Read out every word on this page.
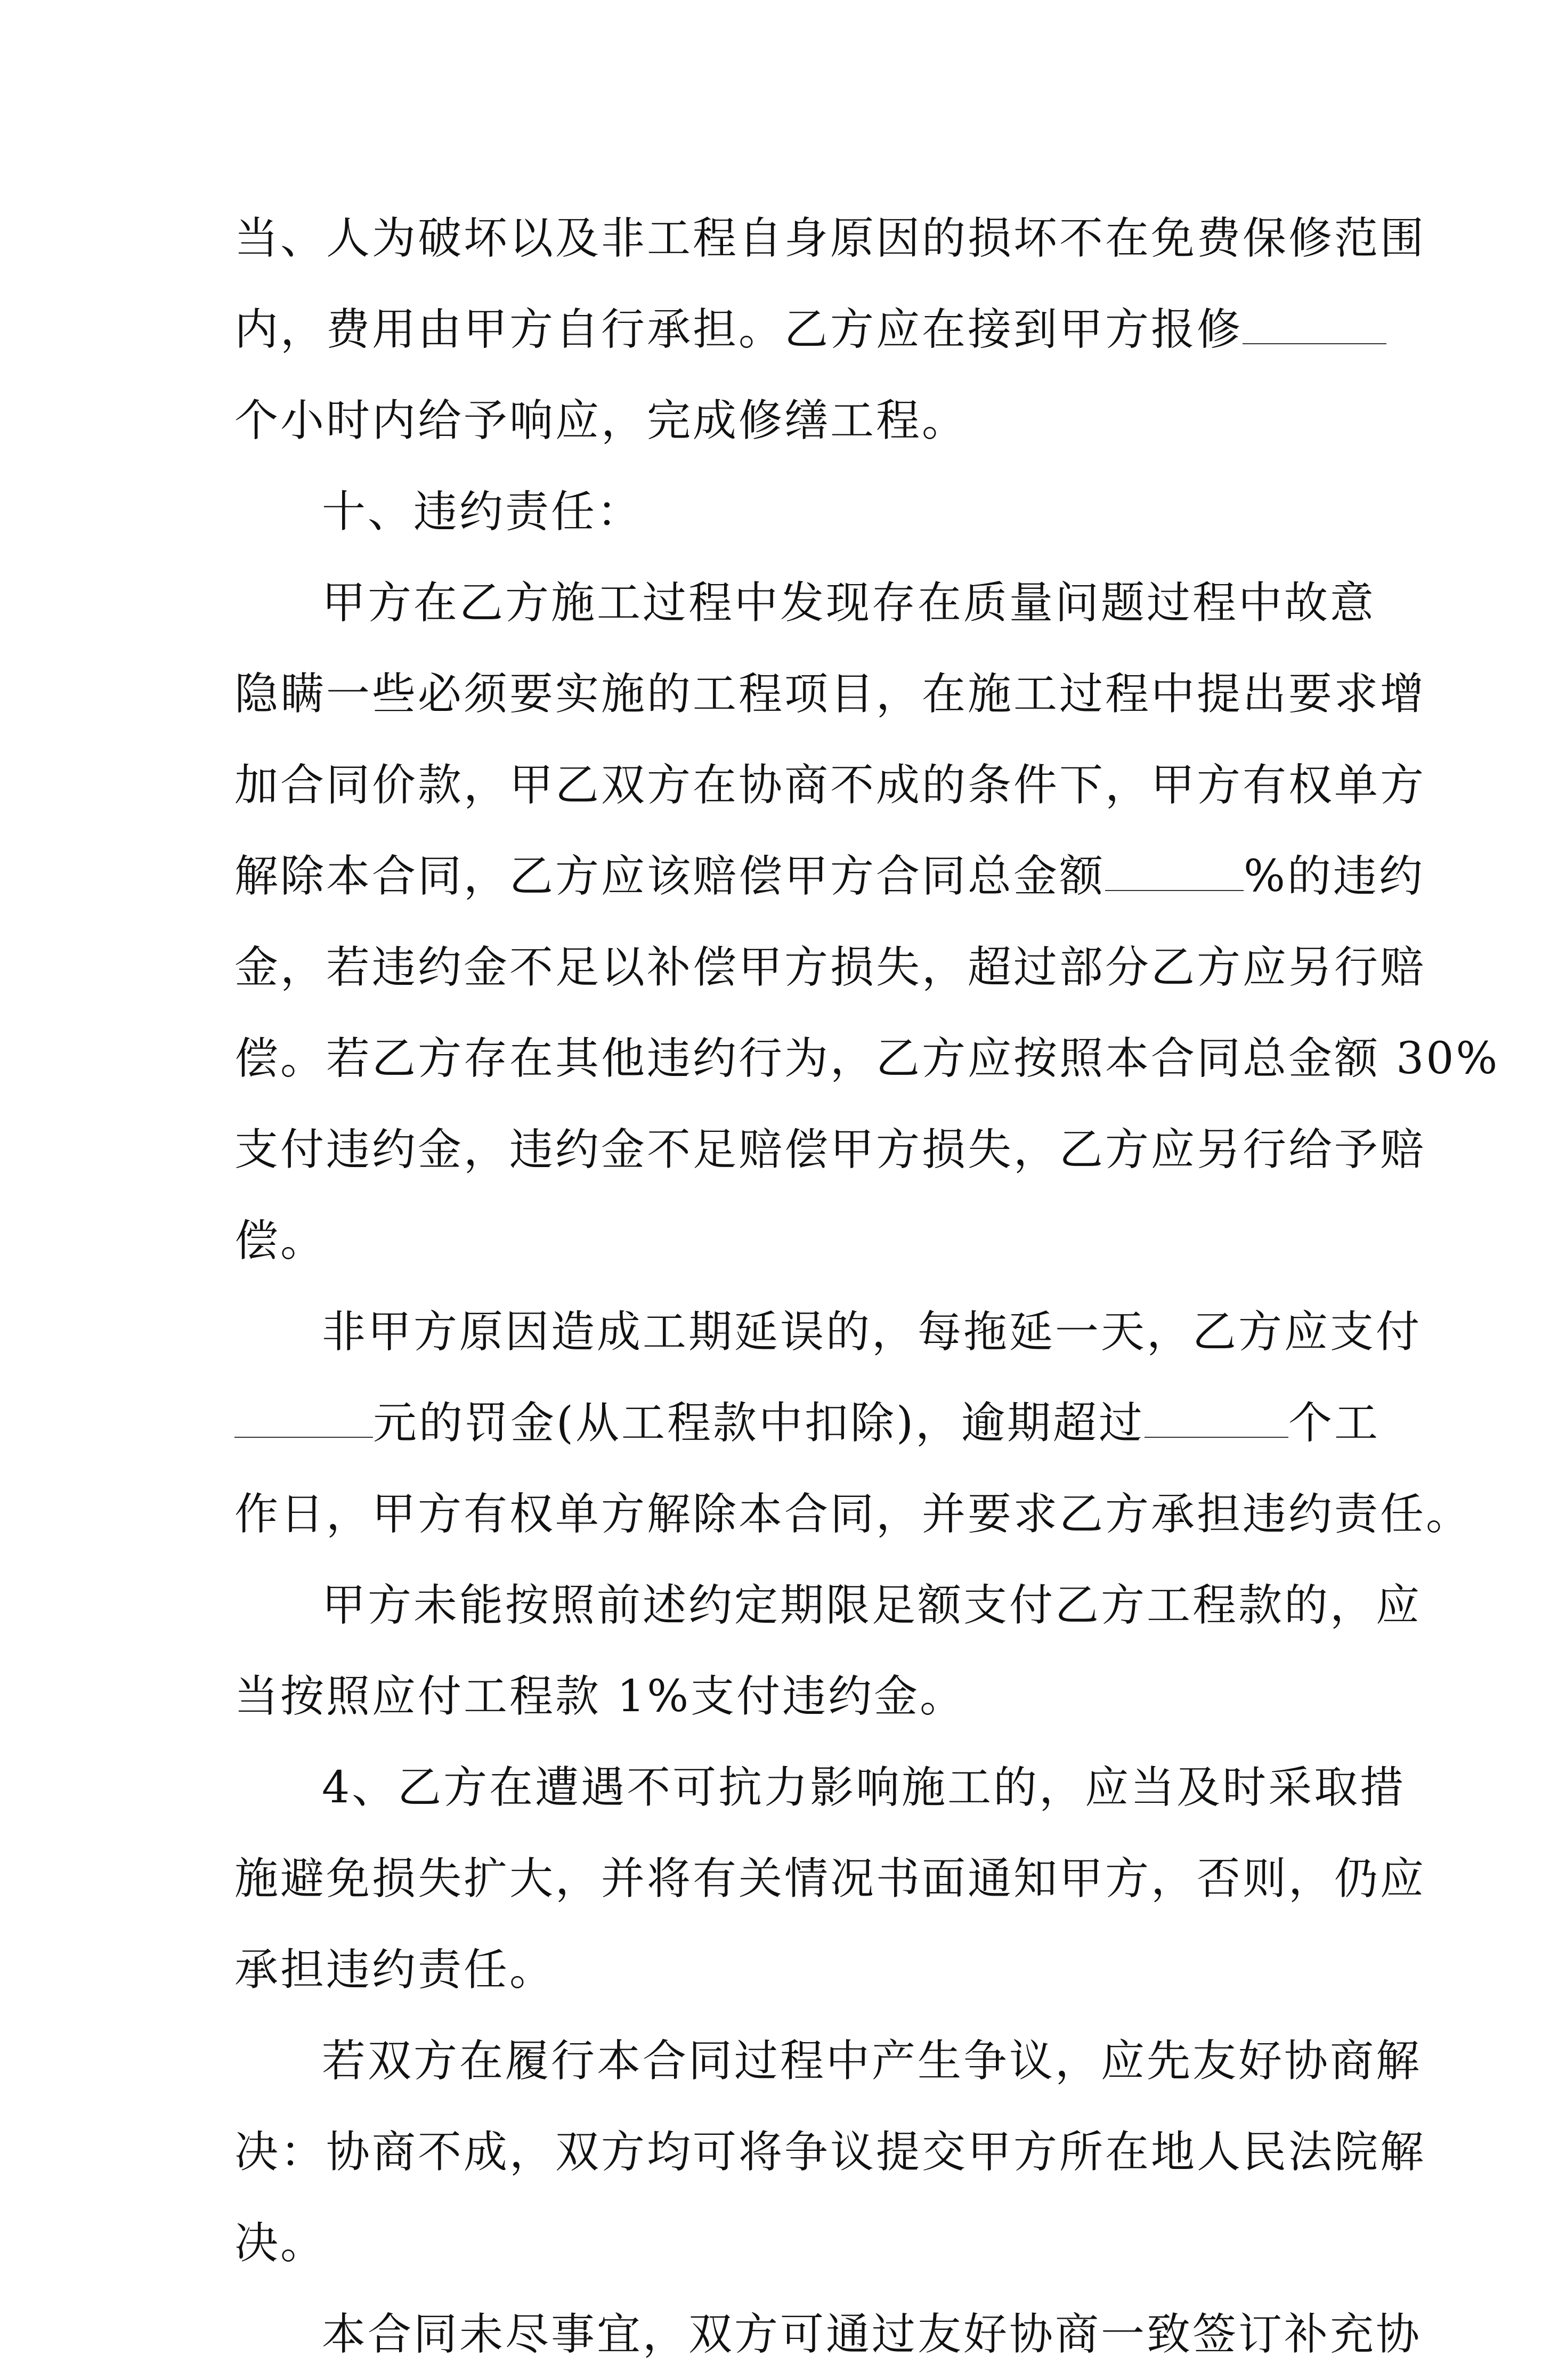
当、人为破坏以及非工程自身原因的损坏不在免费保修范围
内，费用由甲方自行承担。乙方应在接到甲方报修
个小时内给予响应，完成修缮工程。
十、违约责任：
甲方在乙方施工过程中发现存在质量问题过程中故意
隐瞒一些必须要实施的工程项目，在施工过程中提出要求增
加合同价款，甲乙双方在协商不成的条件下，甲方有权单方
解除本合同，乙方应该赔偿甲方合同总金额	%的违约
金，若违约金不足以补偿甲方损失，超过部分乙方应另行赔
偿。若乙方存在其他违约行为，乙方应按照本合同总金额 30%
支付违约金，违约金不足赔偿甲方损失，乙方应另行给予赔
偿。
非甲方原因造成工期延误的，每拖延一天，乙方应支付
元的罚金(从工程款中扣除)，逾期超过	个工
作日，甲方有权单方解除本合同，并要求乙方承担违约责任。
甲方未能按照前述约定期限足额支付乙方工程款的，应
当按照应付工程款 1%支付违约金。
4、乙方在遭遇不可抗力影响施工的，应当及时采取措
施避免损失扩大，并将有关情况书面通知甲方，否则，仍应
承担违约责任。
若双方在履行本合同过程中产生争议，应先友好协商解
决：协商不成，双方均可将争议提交甲方所在地人民法院解
决。
本合同未尽事宜，双方可通过友好协商一致签订补充协
